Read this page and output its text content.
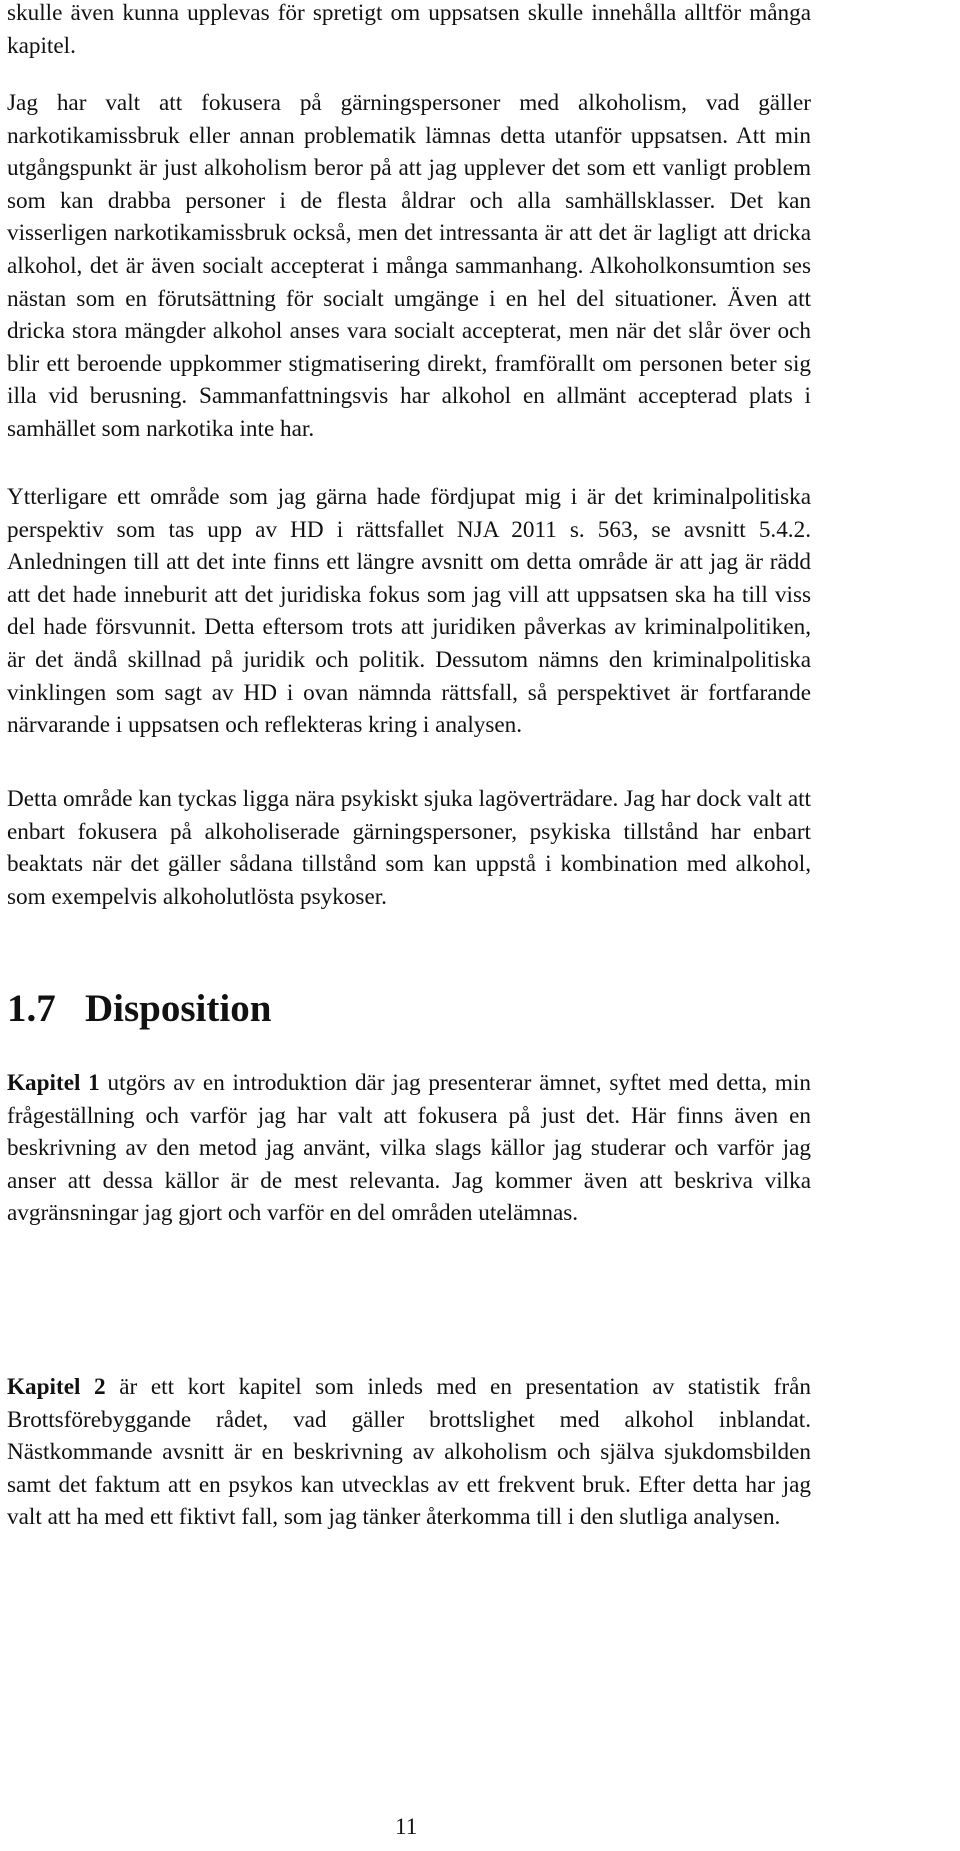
skulle även kunna upplevas för spretigt om uppsatsen skulle innehålla alltför många kapitel.

Jag har valt att fokusera på gärningspersoner med alkoholism, vad gäller narkotikamissbruk eller annan problematik lämnas detta utanför uppsatsen. Att min utgångspunkt är just alkoholism beror på att jag upplever det som ett vanligt problem som kan drabba personer i de flesta åldrar och alla samhällsklasser. Det kan visserligen narkotikamissbruk också, men det intressanta är att det är lagligt att dricka alkohol, det är även socialt accepterat i många sammanhang. Alkoholkonsumtion ses nästan som en förutsättning för socialt umgänge i en hel del situationer. Även att dricka stora mängder alkohol anses vara socialt accepterat, men när det slår över och blir ett beroende uppkommer stigmatisering direkt, framförallt om personen beter sig illa vid berusning. Sammanfattningsvis har alkohol en allmänt accepterad plats i samhället som narkotika inte har.

Ytterligare ett område som jag gärna hade fördjupat mig i är det kriminalpolitiska perspektiv som tas upp av HD i rättsfallet NJA 2011 s. 563, se avsnitt 5.4.2. Anledningen till att det inte finns ett längre avsnitt om detta område är att jag är rädd att det hade inneburit att det juridiska fokus som jag vill att uppsatsen ska ha till viss del hade försvunnit. Detta eftersom trots att juridiken påverkas av kriminalpolitiken, är det ändå skillnad på juridik och politik. Dessutom nämns den kriminalpolitiska vinklingen som sagt av HD i ovan nämnda rättsfall, så perspektivet är fortfarande närvarande i uppsatsen och reflekteras kring i analysen.

Detta område kan tyckas ligga nära psykiskt sjuka lagöverträdare. Jag har dock valt att enbart fokusera på alkoholiserade gärningspersoner, psykiska tillstånd har enbart beaktats när det gäller sådana tillstånd som kan uppstå i kombination med alkohol, som exempelvis alkoholutlösta psykoser.

1.7 Disposition

Kapitel 1 utgörs av en introduktion där jag presenterar ämnet, syftet med detta, min frågeställning och varför jag har valt att fokusera på just det. Här finns även en beskrivning av den metod jag använt, vilka slags källor jag studerar och varför jag anser att dessa källor är de mest relevanta. Jag kommer även att beskriva vilka avgränsningar jag gjort och varför en del områden utelämnas.

Kapitel 2 är ett kort kapitel som inleds med en presentation av statistik från Brottsförebyggande rådet, vad gäller brottslighet med alkohol inblandat. Nästkommande avsnitt är en beskrivning av alkoholism och själva sjukdomsbilden samt det faktum att en psykos kan utvecklas av ett frekvent bruk. Efter detta har jag valt att ha med ett fiktivt fall, som jag tänker återkomma till i den slutliga analysen.

11
